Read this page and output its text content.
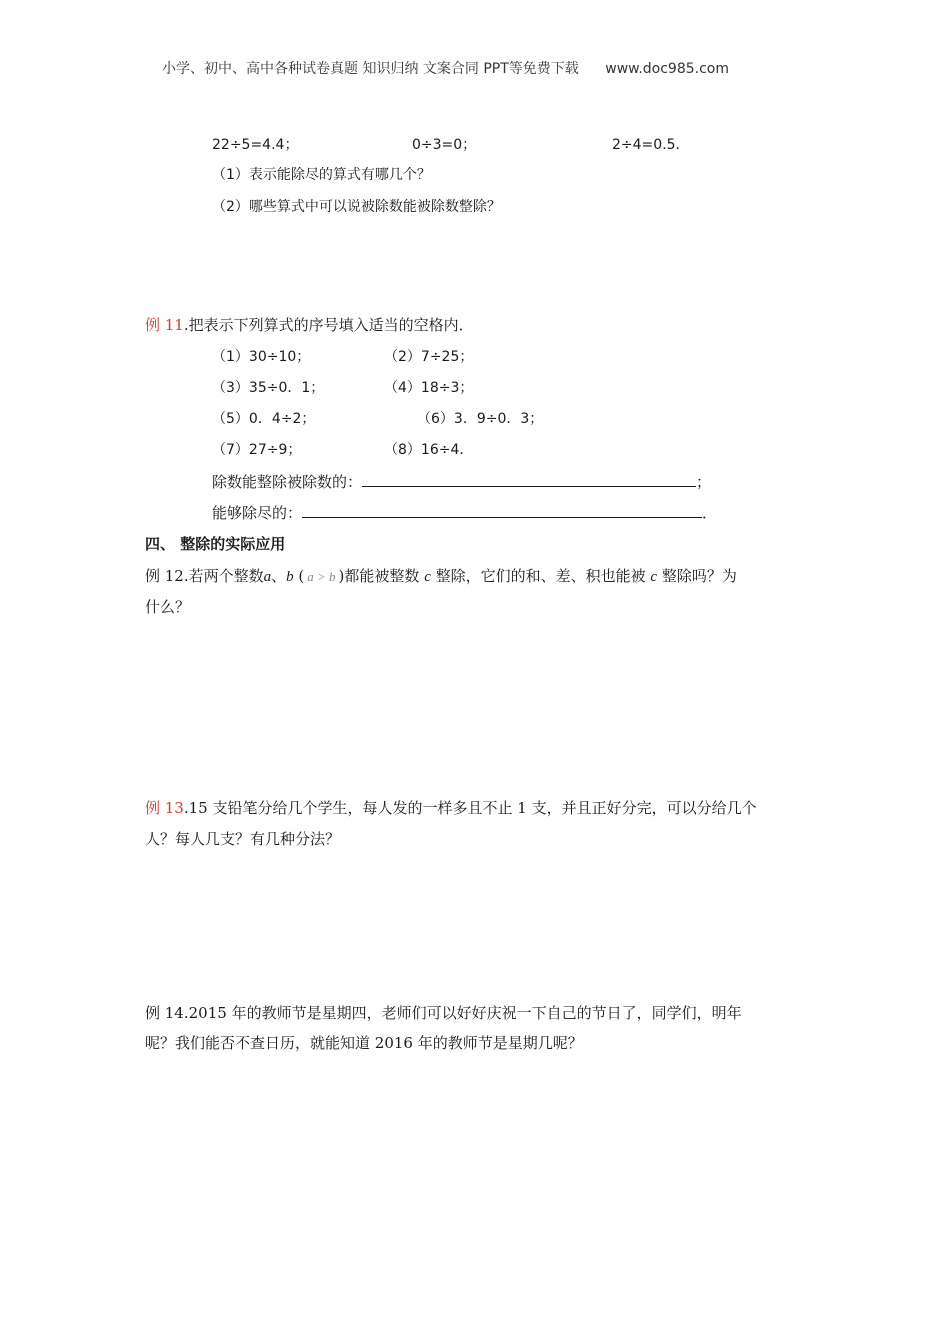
小学、初中、高中各种试卷真题 知识归纳 文案合同 PPT等免费下载 www.doc985.com
22÷5=4.4；	0÷3=0；	2÷4=0.5．
（1）表示能除尽的算式有哪几个？
（2）哪些算式中可以说被除数能被除数整除？
例 11.把表示下列算式的序号填入适当的空格内．
（1）30÷10；	（2）7÷25；
（3）35÷0．1；	（4）18÷3；
（5）0．4÷2；	（6）3．9÷0．3；
（7）27÷9；	（8）16÷4．
除数能整除被除数的：	；
能够除尽的：	．
四、 整除的实际应用
例 12.若两个整数a、b ( a > b )都能被整数 c 整除，它们的和、差、积也能被 c 整除吗？为
什么？
例 13.15 支铅笔分给几个学生，每人发的一样多且不止 1 支，并且正好分完，可以分给几个
人？每人几支？有几种分法？
例 14.2015 年的教师节是星期四，老师们可以好好庆祝一下自己的节日了，同学们，明年
呢？我们能否不查日历，就能知道 2016 年的教师节是星期几呢？
